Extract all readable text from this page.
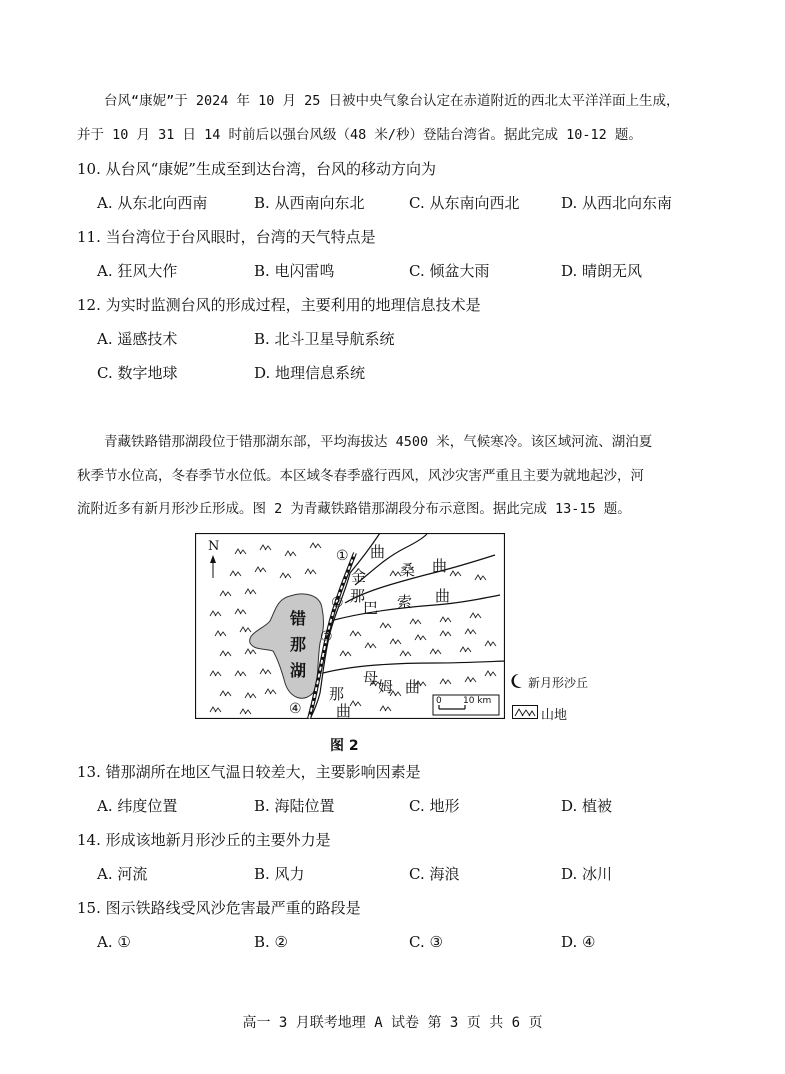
台风“康妮”于 2024 年 10 月 25 日被中央气象台认定在赤道附近的西北太平洋洋面上生成，
并于 10 月 31 日 14 时前后以强台风级（48 米/秒）登陆台湾省。据此完成 10-12 题。
10. 从台风“康妮”生成至到达台湾，台风的移动方向为
A. 从东北向西南	B. 从西南向东北	C. 从东南向西北	D. 从西北向东南
11. 当台湾位于台风眼时，台湾的天气特点是
A. 狂风大作	B. 电闪雷鸣	C. 倾盆大雨	D. 晴朗无风
12. 为实时监测台风的形成过程，主要利用的地理信息技术是
A. 遥感技术	B. 北斗卫星导航系统
C. 数字地球	D. 地理信息系统
青藏铁路错那湖段位于错那湖东部，平均海拔达 4500 米，气候寒冷。该区域河流、湖泊夏
秋季节水位高，冬春季节水位低。本区域冬春季盛行西风，风沙灾害严重且主要为就地起沙，河
流附近多有新月形沙丘形成。图 2 为青藏铁路错那湖段分布示意图。据此完成 13-15 题。
N
错
那
湖
曲
金 桑 曲
那
巴 索 曲
母 姆 曲
那
曲
①
②
③
④	0 10 km
新月形沙丘
山地
图 2
13. 错那湖所在地区气温日较差大，主要影响因素是
A. 纬度位置	B. 海陆位置	C. 地形	D. 植被
14. 形成该地新月形沙丘的主要外力是
A. 河流	B. 风力	C. 海浪	D. 冰川
15. 图示铁路线受风沙危害最严重的路段是
A. ①	B. ②	C. ③	D. ④
高一 3 月联考地理 A 试卷 第 3 页 共 6 页
